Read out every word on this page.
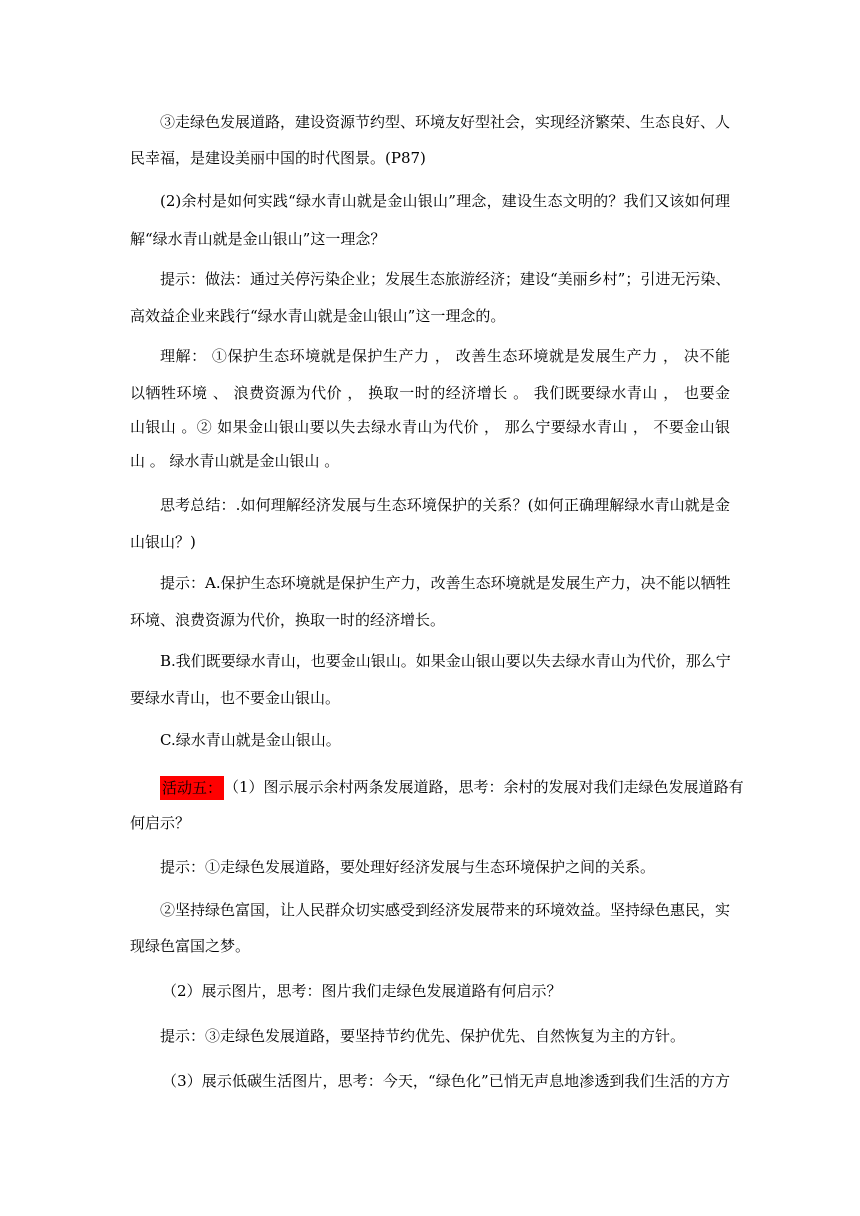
③走绿色发展道路，建设资源节约型、环境友好型社会，实现经济繁荣、生态良好、人
民幸福，是建设美丽中国的时代图景。(P87)
(2)余村是如何实践“绿水青山就是金山银山”理念，建设生态文明的？我们又该如何理
解“绿水青山就是金山银山”这一理念？
提示：做法：通过关停污染企业；发展生态旅游经济；建设“美丽乡村”；引进无污染、
高效益企业来践行“绿水青山就是金山银山”这一理念的。
理解： ①保护生态环境就是保护生产力 ， 改善生态环境就是发展生产力 ， 决不能
以牺牲环境 、 浪费资源为代价 ， 换取一时的经济增长 。 我们既要绿水青山 ， 也要金
山银山 。② 如果金山银山要以失去绿水青山为代价 ， 那么宁要绿水青山 ， 不要金山银
山 。 绿水青山就是金山银山 。
思考总结：.如何理解经济发展与生态环境保护的关系？(如何正确理解绿水青山就是金
山银山？)
提示：A.保护生态环境就是保护生产力，改善生态环境就是发展生产力，决不能以牺牲
环境、浪费资源为代价，换取一时的经济增长。
B.我们既要绿水青山，也要金山银山。如果金山银山要以失去绿水青山为代价，那么宁
要绿水青山，也不要金山银山。
C.绿水青山就是金山银山。
活动五： （1）图示展示余村两条发展道路，思考：余村的发展对我们走绿色发展道路有
何启示？
提示：①走绿色发展道路，要处理好经济发展与生态环境保护之间的关系。
②坚持绿色富国，让人民群众切实感受到经济发展带来的环境效益。坚持绿色惠民，实
现绿色富国之梦。
（2）展示图片，思考：图片我们走绿色发展道路有何启示？
提示：③走绿色发展道路，要坚持节约优先、保护优先、自然恢复为主的方针。
（3）展示低碳生活图片，思考：今天，“绿色化”已悄无声息地渗透到我们生活的方方
